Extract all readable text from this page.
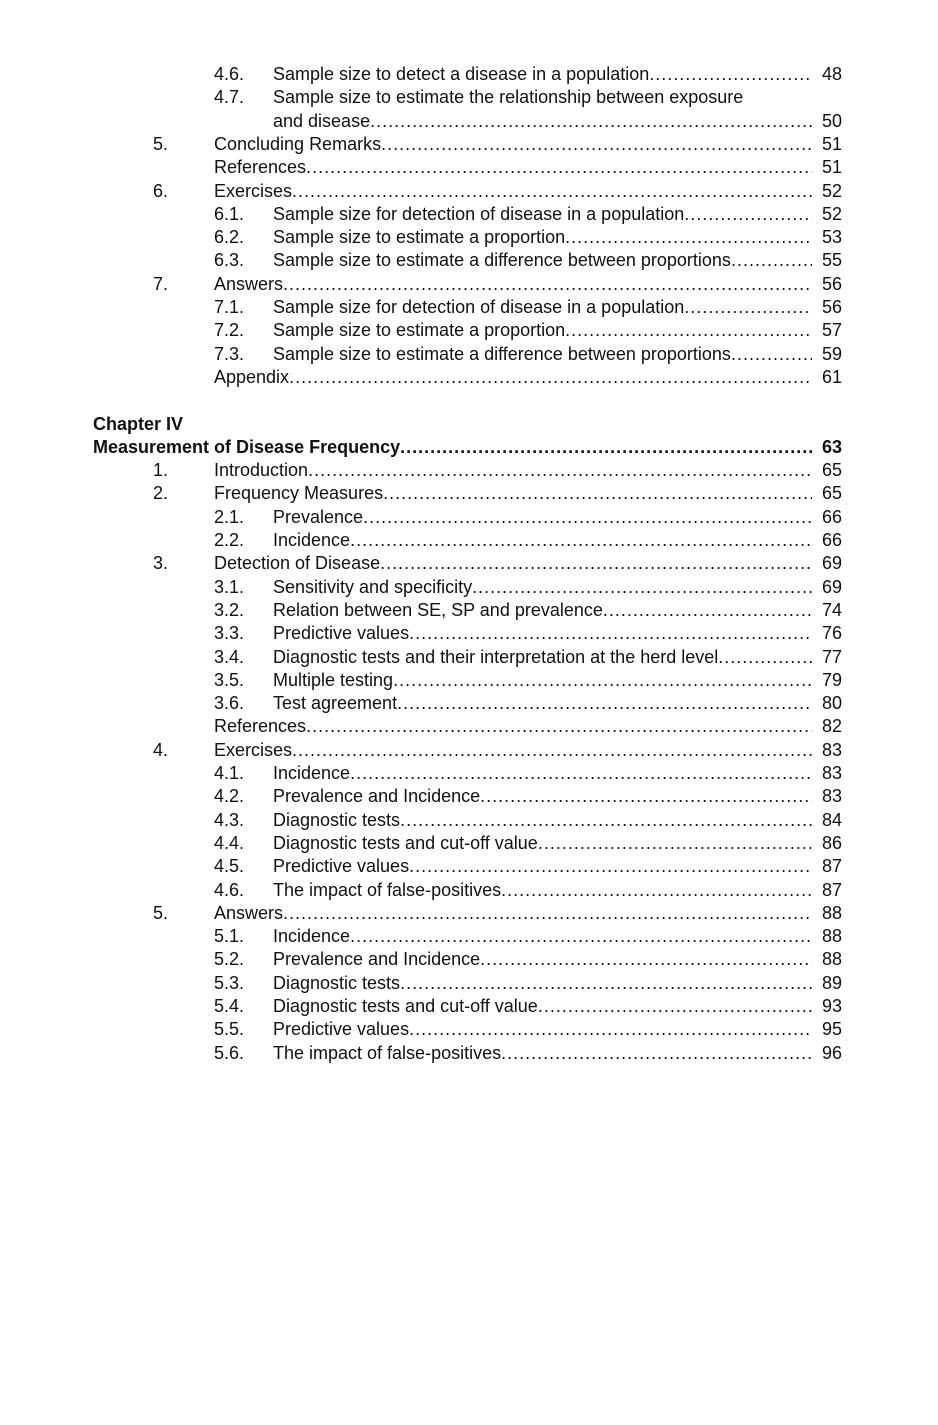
4.6. Sample size to detect a disease in a population .....	48
4.7. Sample size to estimate the relationship between exposure
and disease .....	50
5.	Concluding Remarks .....	51
References .....	51
6.	Exercises .....	52
6.1. Sample size for detection of disease in a population .....	52
6.2. Sample size to estimate a proportion .....	53
6.3. Sample size to estimate a difference between proportions .....	55
7.	Answers .....	56
7.1. Sample size for detection of disease in a population .....	56
7.2. Sample size to estimate a proportion .....	57
7.3. Sample size to estimate a difference between proportions .....	59
Appendix .....	61
Chapter IV
Measurement of Disease Frequency .....	63
1.	Introduction .....	65
2.	Frequency Measures .....	65
2.1. Prevalence .....	66
2.2. Incidence .....	66
3.	Detection of Disease .....	69
3.1. Sensitivity and specificity .....	69
3.2. Relation between SE, SP and prevalence .....	74
3.3. Predictive values .....	76
3.4. Diagnostic tests and their interpretation at the herd level .....	77
3.5. Multiple testing .....	79
3.6. Test agreement .....	80
References .....	82
4.	Exercises .....	83
4.1. Incidence .....	83
4.2. Prevalence and Incidence .....	83
4.3. Diagnostic tests .....	84
4.4. Diagnostic tests and cut-off value .....	86
4.5. Predictive values .....	87
4.6. The impact of false-positives .....	87
5.	Answers .....	88
5.1. Incidence .....	88
5.2. Prevalence and Incidence .....	88
5.3. Diagnostic tests .....	89
5.4. Diagnostic tests and cut-off value .....	93
5.5. Predictive values .....	95
5.6. The impact of false-positives .....	96
